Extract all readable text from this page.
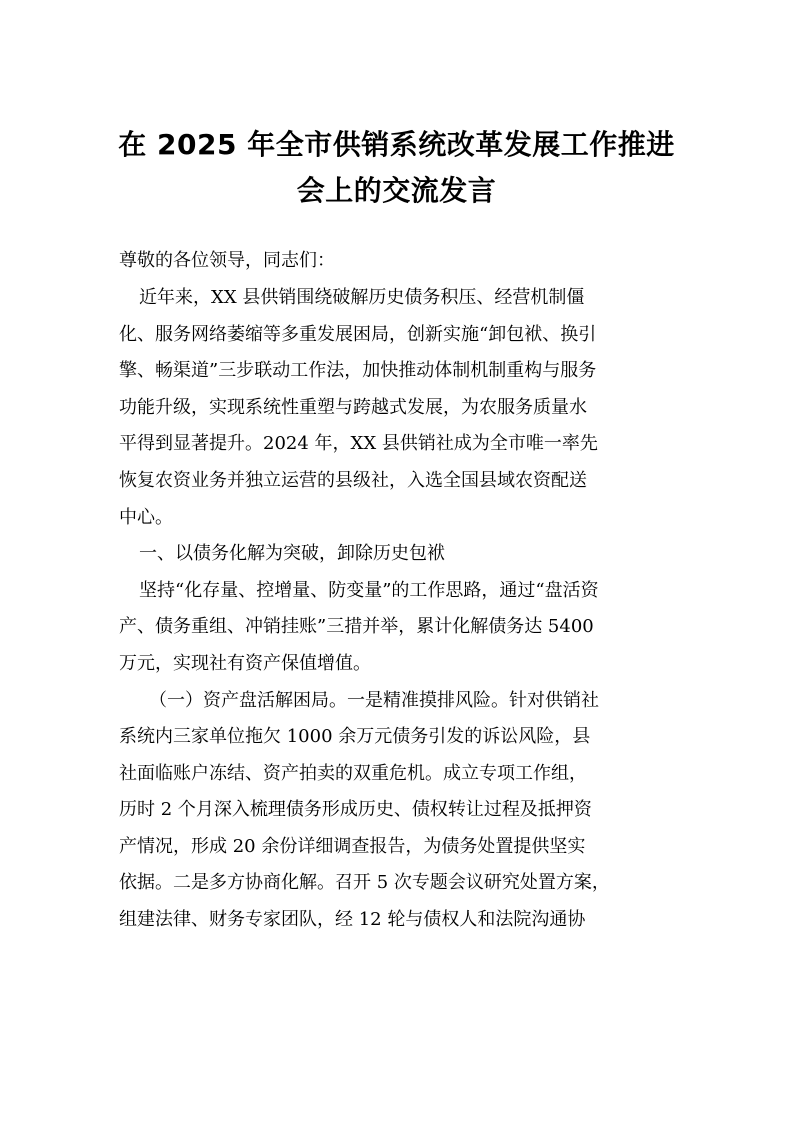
在 2025 年全市供销系统改革发展工作推进
会上的交流发言
尊敬的各位领导，同志们：
近年来，XX 县供销围绕破解历史债务积压、经营机制僵
化、服务网络萎缩等多重发展困局，创新实施“卸包袱、换引
擎、畅渠道”三步联动工作法，加快推动体制机制重构与服务
功能升级，实现系统性重塑与跨越式发展，为农服务质量水
平得到显著提升。2024 年，XX 县供销社成为全市唯一率先
恢复农资业务并独立运营的县级社，入选全国县域农资配送
中心。
一、以债务化解为突破，卸除历史包袱
坚持“化存量、控增量、防变量”的工作思路，通过“盘活资
产、债务重组、冲销挂账”三措并举，累计化解债务达 5400
万元，实现社有资产保值增值。
（一）资产盘活解困局。一是精准摸排风险。针对供销社
系统内三家单位拖欠 1000 余万元债务引发的诉讼风险，县
社面临账户冻结、资产拍卖的双重危机。成立专项工作组，
历时 2 个月深入梳理债务形成历史、债权转让过程及抵押资
产情况，形成 20 余份详细调查报告，为债务处置提供坚实
依据。二是多方协商化解。召开 5 次专题会议研究处置方案，
组建法律、财务专家团队，经 12 轮与债权人和法院沟通协
